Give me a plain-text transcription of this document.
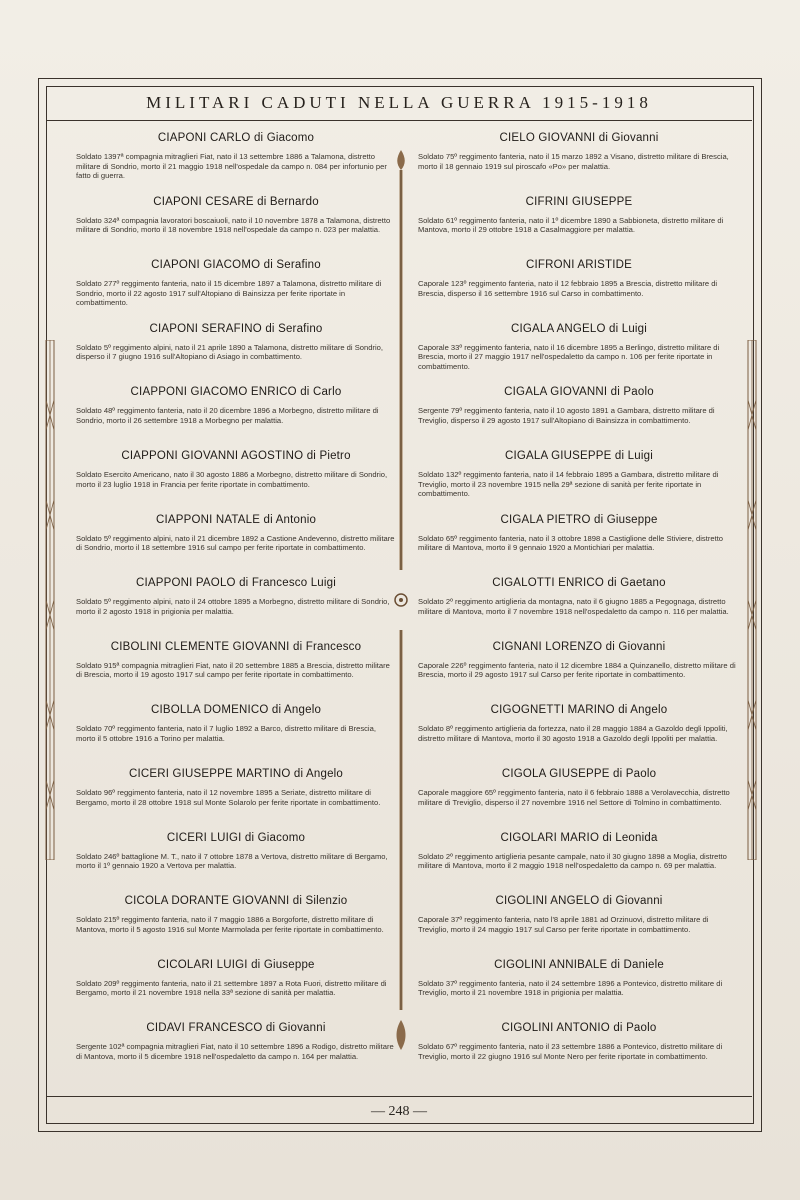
MILITARI CADUTI NELLA GUERRA 1915-1918
CIAPONI CARLO di Giacomo
Soldato 1397ª compagnia mitraglieri Fiat, nato il 13 settembre 1886 a Talamona, distretto militare di Sondrio, morto il 21 maggio 1918 nell'ospedale da campo n. 084 per infortunio per fatto di guerra.
CIAPONI CESARE di Bernardo
Soldato 324ª compagnia lavoratori boscaiuoli, nato il 10 novembre 1878 a Talamona, distretto militare di Sondrio, morto il 18 novembre 1918 nell'ospedale da campo n. 023 per malattia.
CIAPONI GIACOMO di Serafino
Soldato 277º reggimento fanteria, nato il 15 dicembre 1897 a Talamona, distretto militare di Sondrio, morto il 22 agosto 1917 sull'Altopiano di Bainsizza per ferite riportate in combattimento.
CIAPONI SERAFINO di Serafino
Soldato 5º reggimento alpini, nato il 21 aprile 1890 a Talamona, distretto militare di Sondrio, disperso il 7 giugno 1916 sull'Altopiano di Asiago in combattimento.
CIAPPONI GIACOMO ENRICO di Carlo
Soldato 48º reggimento fanteria, nato il 20 dicembre 1896 a Morbegno, distretto militare di Sondrio, morto il 26 settembre 1918 a Morbegno per malattia.
CIAPPONI GIOVANNI AGOSTINO di Pietro
Soldato Esercito Americano, nato il 30 agosto 1886 a Morbegno, distretto militare di Sondrio, morto il 23 luglio 1918 in Francia per ferite riportate in combattimento.
CIAPPONI NATALE di Antonio
Soldato 5º reggimento alpini, nato il 21 dicembre 1892 a Castione Andevenno, distretto militare di Sondrio, morto il 18 settembre 1916 sul campo per ferite riportate in combattimento.
CIAPPONI PAOLO di Francesco Luigi
Soldato 5º reggimento alpini, nato il 24 ottobre 1895 a Morbegno, distretto militare di Sondrio, morto il 2 agosto 1918 in prigionia per malattia.
CIBOLINI CLEMENTE GIOVANNI di Francesco
Soldato 915ª compagnia mitraglieri Fiat, nato il 20 settembre 1885 a Brescia, distretto militare di Brescia, morto il 19 agosto 1917 sul campo per ferite riportate in combattimento.
CIBOLLA DOMENICO di Angelo
Soldato 70º reggimento fanteria, nato il 7 luglio 1892 a Barco, distretto militare di Brescia, morto il 5 ottobre 1916 a Torino per malattia.
CICERI GIUSEPPE MARTINO di Angelo
Soldato 96º reggimento fanteria, nato il 12 novembre 1895 a Seriate, distretto militare di Bergamo, morto il 28 ottobre 1918 sul Monte Solarolo per ferite riportate in combattimento.
CICERI LUIGI di Giacomo
Soldato 246º battaglione M. T., nato il 7 ottobre 1878 a Vertova, distretto militare di Bergamo, morto il 1º gennaio 1920 a Vertova per malattia.
CICOLA DORANTE GIOVANNI di Silenzio
Soldato 215º reggimento fanteria, nato il 7 maggio 1886 a Borgoforte, distretto militare di Mantova, morto il 5 agosto 1916 sul Monte Marmolada per ferite riportate in combattimento.
CICOLARI LUIGI di Giuseppe
Soldato 209º reggimento fanteria, nato il 21 settembre 1897 a Rota Fuori, distretto militare di Bergamo, morto il 21 novembre 1918 nella 33ª sezione di sanità per malattia.
CIDAVI FRANCESCO di Giovanni
Sergente 102ª compagnia mitraglieri Fiat, nato il 10 settembre 1896 a Rodigo, distretto militare di Mantova, morto il 5 dicembre 1918 nell'ospedaletto da campo n. 164 per malattia.
CIELO GIOVANNI di Giovanni
Soldato 75º reggimento fanteria, nato il 15 marzo 1892 a Visano, distretto militare di Brescia, morto il 18 gennaio 1919 sul piroscafo «Po» per malattia.
CIFRINI GIUSEPPE
Soldato 61º reggimento fanteria, nato il 1º dicembre 1890 a Sabbioneta, distretto militare di Mantova, morto il 29 ottobre 1918 a Casalmaggiore per malattia.
CIFRONI ARISTIDE
Caporale 123º reggimento fanteria, nato il 12 febbraio 1895 a Brescia, distretto militare di Brescia, disperso il 16 settembre 1916 sul Carso in combattimento.
CIGALA ANGELO di Luigi
Caporale 33º reggimento fanteria, nato il 16 dicembre 1895 a Berlingo, distretto militare di Brescia, morto il 27 maggio 1917 nell'ospedaletto da campo n. 106 per ferite riportate in combattimento.
CIGALA GIOVANNI di Paolo
Sergente 79º reggimento fanteria, nato il 10 agosto 1891 a Gambara, distretto militare di Treviglio, disperso il 29 agosto 1917 sull'Altopiano di Bainsizza in combattimento.
CIGALA GIUSEPPE di Luigi
Soldato 132º reggimento fanteria, nato il 14 febbraio 1895 a Gambara, distretto militare di Treviglio, morto il 23 novembre 1915 nella 29ª sezione di sanità per ferite riportate in combattimento.
CIGALA PIETRO di Giuseppe
Soldato 65º reggimento fanteria, nato il 3 ottobre 1898 a Castiglione delle Stiviere, distretto militare di Mantova, morto il 9 gennaio 1920 a Montichiari per malattia.
CIGALOTTI ENRICO di Gaetano
Soldato 2º reggimento artiglieria da montagna, nato il 6 giugno 1885 a Pegognaga, distretto militare di Mantova, morto il 7 novembre 1918 nell'ospedaletto da campo n. 116 per malattia.
CIGNANI LORENZO di Giovanni
Caporale 226º reggimento fanteria, nato il 12 dicembre 1884 a Quinzanello, distretto militare di Brescia, morto il 29 agosto 1917 sul Carso per ferite riportate in combattimento.
CIGOGNETTI MARINO di Angelo
Soldato 8º reggimento artiglieria da fortezza, nato il 28 maggio 1884 a Gazoldo degli Ippoliti, distretto militare di Mantova, morto il 30 agosto 1918 a Gazoldo degli Ippoliti per malattia.
CIGOLA GIUSEPPE di Paolo
Caporale maggiore 65º reggimento fanteria, nato il 6 febbraio 1888 a Verolavecchia, distretto militare di Treviglio, disperso il 27 novembre 1916 nel Settore di Tolmino in combattimento.
CIGOLARI MARIO di Leonida
Soldato 2º reggimento artiglieria pesante campale, nato il 30 giugno 1898 a Moglia, distretto militare di Mantova, morto il 2 maggio 1918 nell'ospedaletto da campo n. 69 per malattia.
CIGOLINI ANGELO di Giovanni
Caporale 37º reggimento fanteria, nato l'8 aprile 1881 ad Orzinuovi, distretto militare di Treviglio, morto il 24 maggio 1917 sul Carso per ferite riportate in combattimento.
CIGOLINI ANNIBALE di Daniele
Soldato 37º reggimento fanteria, nato il 24 settembre 1896 a Pontevico, distretto militare di Treviglio, morto il 21 novembre 1918 in prigionia per malattia.
CIGOLINI ANTONIO di Paolo
Soldato 67º reggimento fanteria, nato il 23 settembre 1886 a Pontevico, distretto militare di Treviglio, morto il 22 giugno 1916 sul Monte Nero per ferite riportate in combattimento.
— 248 —
